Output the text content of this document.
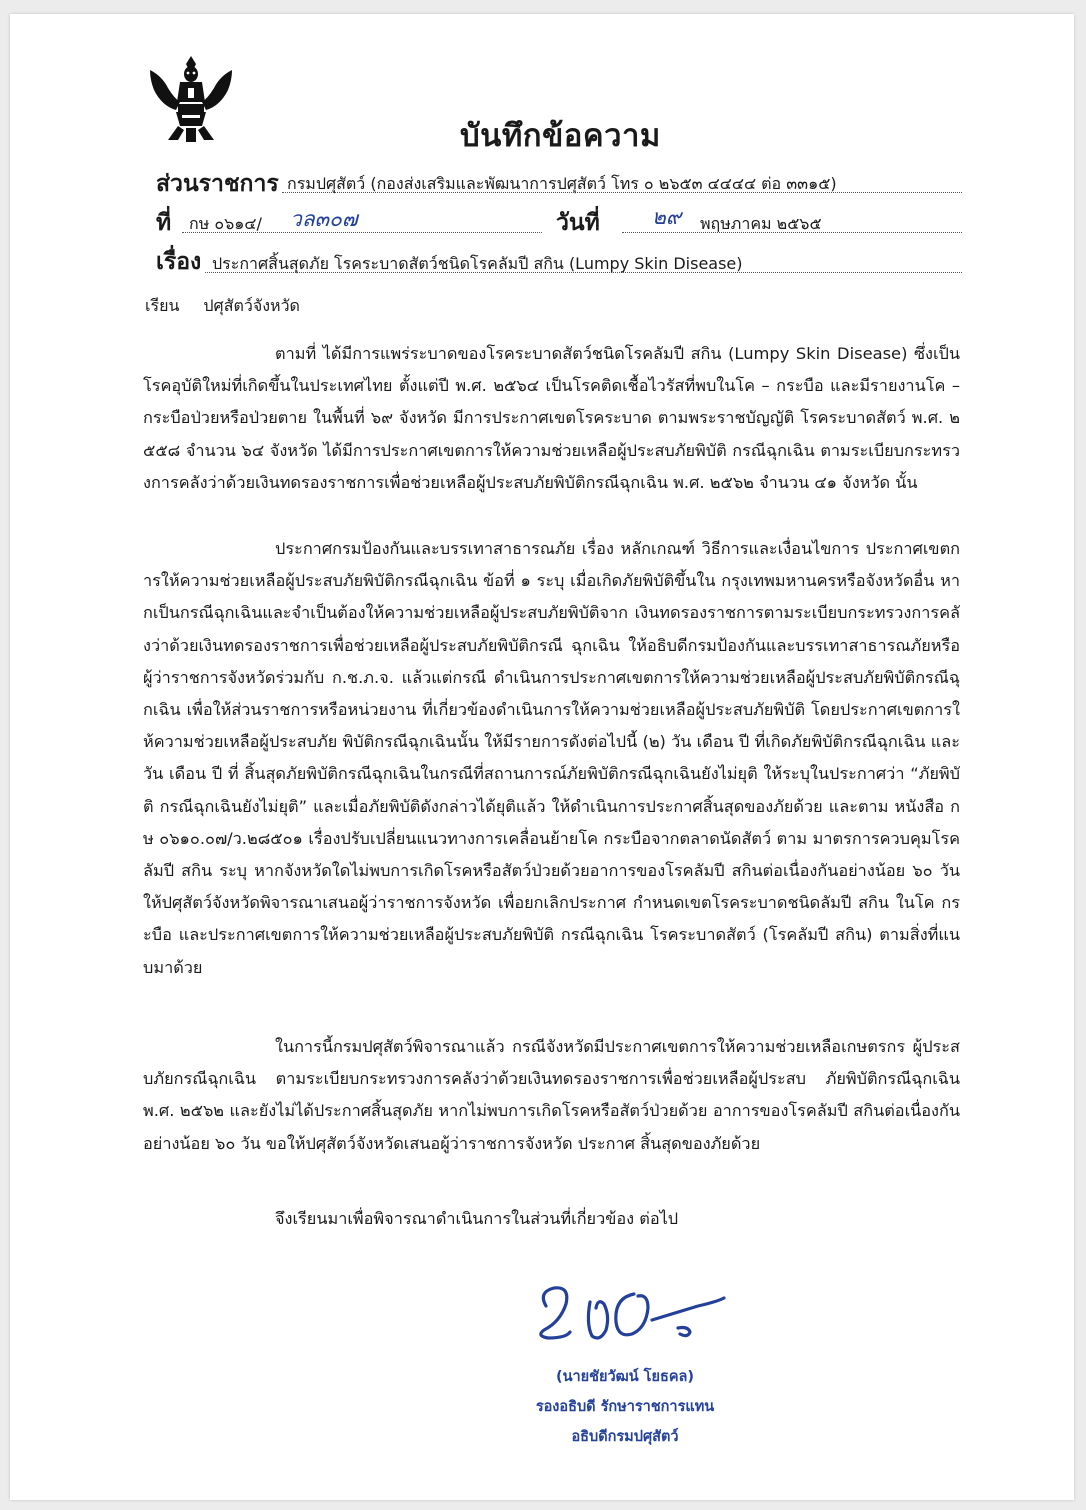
บันทึกข้อความ
ส่วนราชการ กรมปศุสัตว์ (กองส่งเสริมและพัฒนาการปศุสัตว์ โทร ๐ ๒๖๕๓ ๔๔๔๔ ต่อ ๓๓๑๕)
ที่ กษ ๐๖๑๔/ วล๓๐๗	วันที่ ๒๙ พฤษภาคม ๒๕๖๕
เรื่อง ประกาศสิ้นสุดภัย โรคระบาดสัตว์ชนิดโรคลัมปี สกิน (Lumpy Skin Disease)
เรียน ปศุสัตว์จังหวัด
ตามที่ ได้มีการแพร่ระบาดของโรคระบาดสัตว์ชนิดโรคลัมปี สกิน (Lumpy Skin Disease) ซึ่งเป็นโรคอุบัติใหม่ที่เกิดขึ้นในประเทศไทย ตั้งแต่ปี พ.ศ. ๒๕๖๔ เป็นโรคติดเชื้อไวรัสที่พบในโค – กระบือ และมีรายงานโค – กระบือป่วยหรือป่วยตาย ในพื้นที่ ๖๙ จังหวัด มีการประกาศเขตโรคระบาด ตามพระราชบัญญัติ โรคระบาดสัตว์ พ.ศ. ๒๕๕๘ จำนวน ๖๔ จังหวัด ได้มีการประกาศเขตการให้ความช่วยเหลือผู้ประสบภัยพิบัติ กรณีฉุกเฉิน ตามระเบียบกระทรวงการคลังว่าด้วยเงินทดรองราชการเพื่อช่วยเหลือผู้ประสบภัยพิบัติกรณีฉุกเฉิน พ.ศ. ๒๕๖๒ จำนวน ๔๑ จังหวัด นั้น
ประกาศกรมป้องกันและบรรเทาสาธารณภัย เรื่อง หลักเกณฑ์ วิธีการและเงื่อนไขการ ประกาศเขตการให้ความช่วยเหลือผู้ประสบภัยพิบัติกรณีฉุกเฉิน ข้อที่ ๑ ระบุ เมื่อเกิดภัยพิบัติขึ้นใน กรุงเทพมหานครหรือจังหวัดอื่น หากเป็นกรณีฉุกเฉินและจำเป็นต้องให้ความช่วยเหลือผู้ประสบภัยพิบัติจาก เงินทดรองราชการตามระเบียบกระทรวงการคลังว่าด้วยเงินทดรองราชการเพื่อช่วยเหลือผู้ประสบภัยพิบัติกรณี ฉุกเฉิน ให้อธิบดีกรมป้องกันและบรรเทาสาธารณภัยหรือผู้ว่าราชการจังหวัดร่วมกับ ก.ช.ภ.จ. แล้วแต่กรณี ดำเนินการประกาศเขตการให้ความช่วยเหลือผู้ประสบภัยพิบัติกรณีฉุกเฉิน เพื่อให้ส่วนราชการหรือหน่วยงาน ที่เกี่ยวข้องดำเนินการให้ความช่วยเหลือผู้ประสบภัยพิบัติ โดยประกาศเขตการให้ความช่วยเหลือผู้ประสบภัย พิบัติกรณีฉุกเฉินนั้น ให้มีรายการดังต่อไปนี้ (๒) วัน เดือน ปี ที่เกิดภัยพิบัติกรณีฉุกเฉิน และวัน เดือน ปี ที่ สิ้นสุดภัยพิบัติกรณีฉุกเฉินในกรณีที่สถานการณ์ภัยพิบัติกรณีฉุกเฉินยังไม่ยุติ ให้ระบุในประกาศว่า “ภัยพิบัติ กรณีฉุกเฉินยังไม่ยุติ” และเมื่อภัยพิบัติดังกล่าวได้ยุติแล้ว ให้ดำเนินการประกาศสิ้นสุดของภัยด้วย และตาม หนังสือ กษ ๐๖๑๐.๐๗/ว.๒๘๕๐๑ เรื่องปรับเปลี่ยนแนวทางการเคลื่อนย้ายโค กระบือจากตลาดนัดสัตว์ ตาม มาตรการควบคุมโรคลัมปี สกิน ระบุ หากจังหวัดใดไม่พบการเกิดโรคหรือสัตว์ป่วยด้วยอาการของโรคลัมปี สกินต่อเนื่องกันอย่างน้อย ๖๐ วัน ให้ปศุสัตว์จังหวัดพิจารณาเสนอผู้ว่าราชการจังหวัด เพื่อยกเลิกประกาศ กำหนดเขตโรคระบาดชนิดลัมปี สกิน ในโค กระบือ และประกาศเขตการให้ความช่วยเหลือผู้ประสบภัยพิบัติ กรณีฉุกเฉิน โรคระบาดสัตว์ (โรคลัมปี สกิน) ตามสิ่งที่แนบมาด้วย
ในการนี้กรมปศุสัตว์พิจารณาแล้ว กรณีจังหวัดมีประกาศเขตการให้ความช่วยเหลือเกษตรกร ผู้ประสบภัยกรณีฉุกเฉิน ตามระเบียบกระทรวงการคลังว่าด้วยเงินทดรองราชการเพื่อช่วยเหลือผู้ประสบ ภัยพิบัติกรณีฉุกเฉิน พ.ศ. ๒๕๖๒ และยังไม่ได้ประกาศสิ้นสุดภัย หากไม่พบการเกิดโรคหรือสัตว์ป่วยด้วย อาการของโรคลัมปี สกินต่อเนื่องกันอย่างน้อย ๖๐ วัน ขอให้ปศุสัตว์จังหวัดเสนอผู้ว่าราชการจังหวัด ประกาศ สิ้นสุดของภัยด้วย
จึงเรียนมาเพื่อพิจารณาดำเนินการในส่วนที่เกี่ยวข้อง ต่อไป
(นายชัยวัฒน์ โยธคล)
รองอธิบดี รักษาราชการแทน
อธิบดีกรมปศุสัตว์
